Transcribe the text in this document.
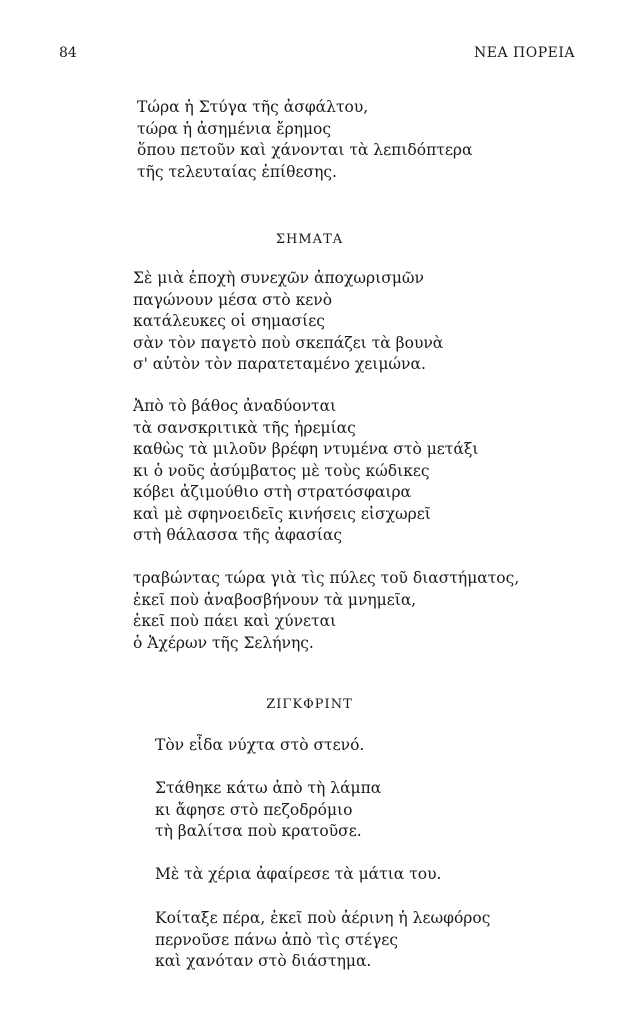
84	ΝΕΑ ΠΟΡΕΙΑ
Τώρα ἡ Στύγα τῆς ἀσφάλτου,
τώρα ἡ ἀσημένια ἔρημος
ὅπου πετοῦν καὶ χάνονται τὰ λεπιδόπτερα
τῆς τελευταίας ἐπίθεσης.
ΣΗΜΑΤΑ
Σὲ μιὰ ἐποχὴ συνεχῶν ἀποχωρισμῶν
παγώνουν μέσα στὸ κενὸ
κατάλευκες οἱ σημασίες
σὰν τὸν παγετὸ ποὺ σκεπάζει τὰ βουνὰ
σ' αὐτὸν τὸν παρατεταμένο χειμώνα.
Ἀπὸ τὸ βάθος ἀναδύονται
τὰ σανσκριτικὰ τῆς ἠρεμίας
καθὼς τὰ μιλοῦν βρέφη ντυμένα στὸ μετάξι
κι ὁ νοῦς ἀσύμβατος μὲ τοὺς κώδικες
κόβει ἀζιμούθιο στὴ στρατόσφαιρα
καὶ μὲ σφηνοειδεῖς κινήσεις εἰσχωρεῖ
στὴ θάλασσα τῆς ἀφασίας
τραβώντας τώρα γιὰ τὶς πύλες τοῦ διαστήματος,
ἐκεῖ ποὺ ἀναβοσβήνουν τὰ μνημεῖα,
ἐκεῖ ποὺ πάει καὶ χύνεται
ὁ Ἀχέρων τῆς Σελήνης.
ΖΙΓΚΦΡΙΝΤ
Τὸν εἶδα νύχτα στὸ στενό.
Στάθηκε κάτω ἀπὸ τὴ λάμπα
κι ἄφησε στὸ πεζοδρόμιο
τὴ βαλίτσα ποὺ κρατοῦσε.
Μὲ τὰ χέρια ἀφαίρεσε τὰ μάτια του.
Κοίταξε πέρα, ἐκεῖ ποὺ ἀέρινη ἡ λεωφόρος
περνοῦσε πάνω ἀπὸ τὶς στέγες
καὶ χανόταν στὸ διάστημα.
